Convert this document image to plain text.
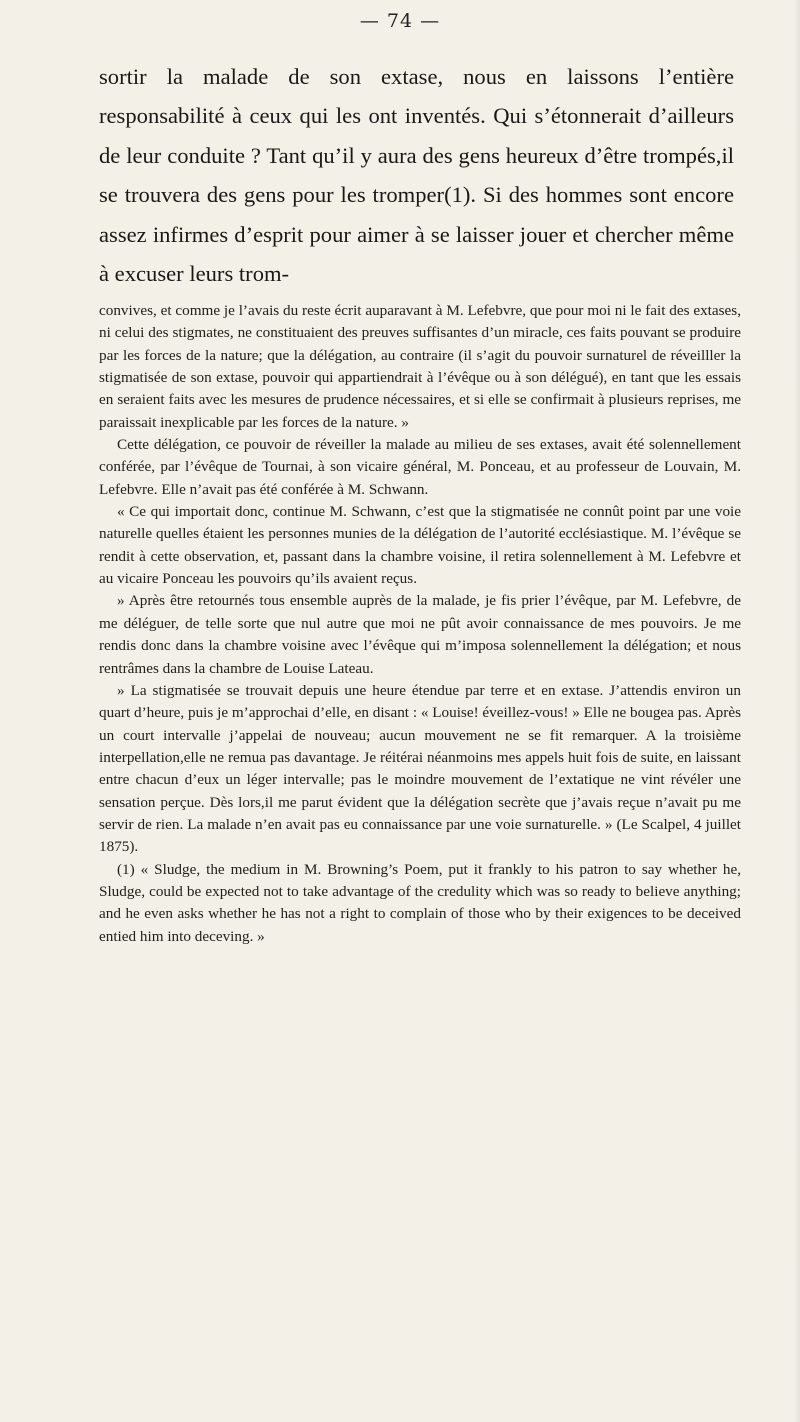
— 74 —

sortir la malade de son extase, nous en laissons l’entière responsabilité à ceux qui les ont inventés. Qui s’étonnerait d’ailleurs de leur conduite ? Tant qu’il y aura des gens heureux d’être trompés,il se trouvera des gens pour les tromper(1). Si des hommes sont encore assez infirmes d’esprit pour aimer à se laisser jouer et chercher même à excuser leurs trom-

convives, et comme je l’avais du reste écrit auparavant à M. Lefebvre, que pour moi ni le fait des extases, ni celui des stigmates, ne constituaient des preuves suffisantes d’un miracle, ces faits pouvant se produire par les forces de la nature; que la délégation, au contraire (il s’agit du pouvoir surnaturel de réveilller la stigmatisée de son extase, pouvoir qui appartiendrait à l’évêque ou à son délégué), en tant que les essais en seraient faits avec les mesures de prudence nécessaires, et si elle se confirmait à plusieurs reprises, me paraissait inexplicable par les forces de la nature. »

Cette délégation, ce pouvoir de réveiller la malade au milieu de ses extases, avait été solennellement conférée, par l’évêque de Tournai, à son vicaire général, M. Ponceau, et au professeur de Louvain, M. Lefebvre. Elle n’avait pas été conférée à M. Schwann.

« Ce qui importait donc, continue M. Schwann, c’est que la stigmatisée ne connût point par une voie naturelle quelles étaient les personnes munies de la délégation de l’autorité ecclésiastique. M. l’évêque se rendit à cette observation, et, passant dans la chambre voisine, il retira solennellement à M. Lefebvre et au vicaire Ponceau les pouvoirs qu’ils avaient reçus.

» Après être retournés tous ensemble auprès de la malade, je fis prier l’évêque, par M. Lefebvre, de me déléguer, de telle sorte que nul autre que moi ne pût avoir connaissance de mes pouvoirs. Je me rendis donc dans la chambre voisine avec l’évêque qui m’imposa solennellement la délégation; et nous rentrâmes dans la chambre de Louise Lateau.

» La stigmatisée se trouvait depuis une heure étendue par terre et en extase. J’attendis environ un quart d’heure, puis je m’approchai d’elle, en disant : « Louise! éveillez-vous! » Elle ne bougea pas. Après un court intervalle j’appelai de nouveau; aucun mouvement ne se fit remarquer. A la troisième interpellation,elle ne remua pas davantage. Je réitérai néanmoins mes appels huit fois de suite, en laissant entre chacun d’eux un léger intervalle; pas le moindre mouvement de l’extatique ne vint révéler une sensation perçue. Dès lors,il me parut évident que la délégation secrète que j’avais reçue n’avait pu me servir de rien. La malade n’en avait pas eu connaissance par une voie surnaturelle. » (Le Scalpel, 4 juillet 1875).

(1) « Sludge, the medium in M. Browning’s Poem, put it frankly to his patron to say whether he, Sludge, could be expected not to take advantage of the credulity which was so ready to believe anything; and he even asks whether he has not a right to complain of those who by their exigences to be deceived entied him into deceving. »
